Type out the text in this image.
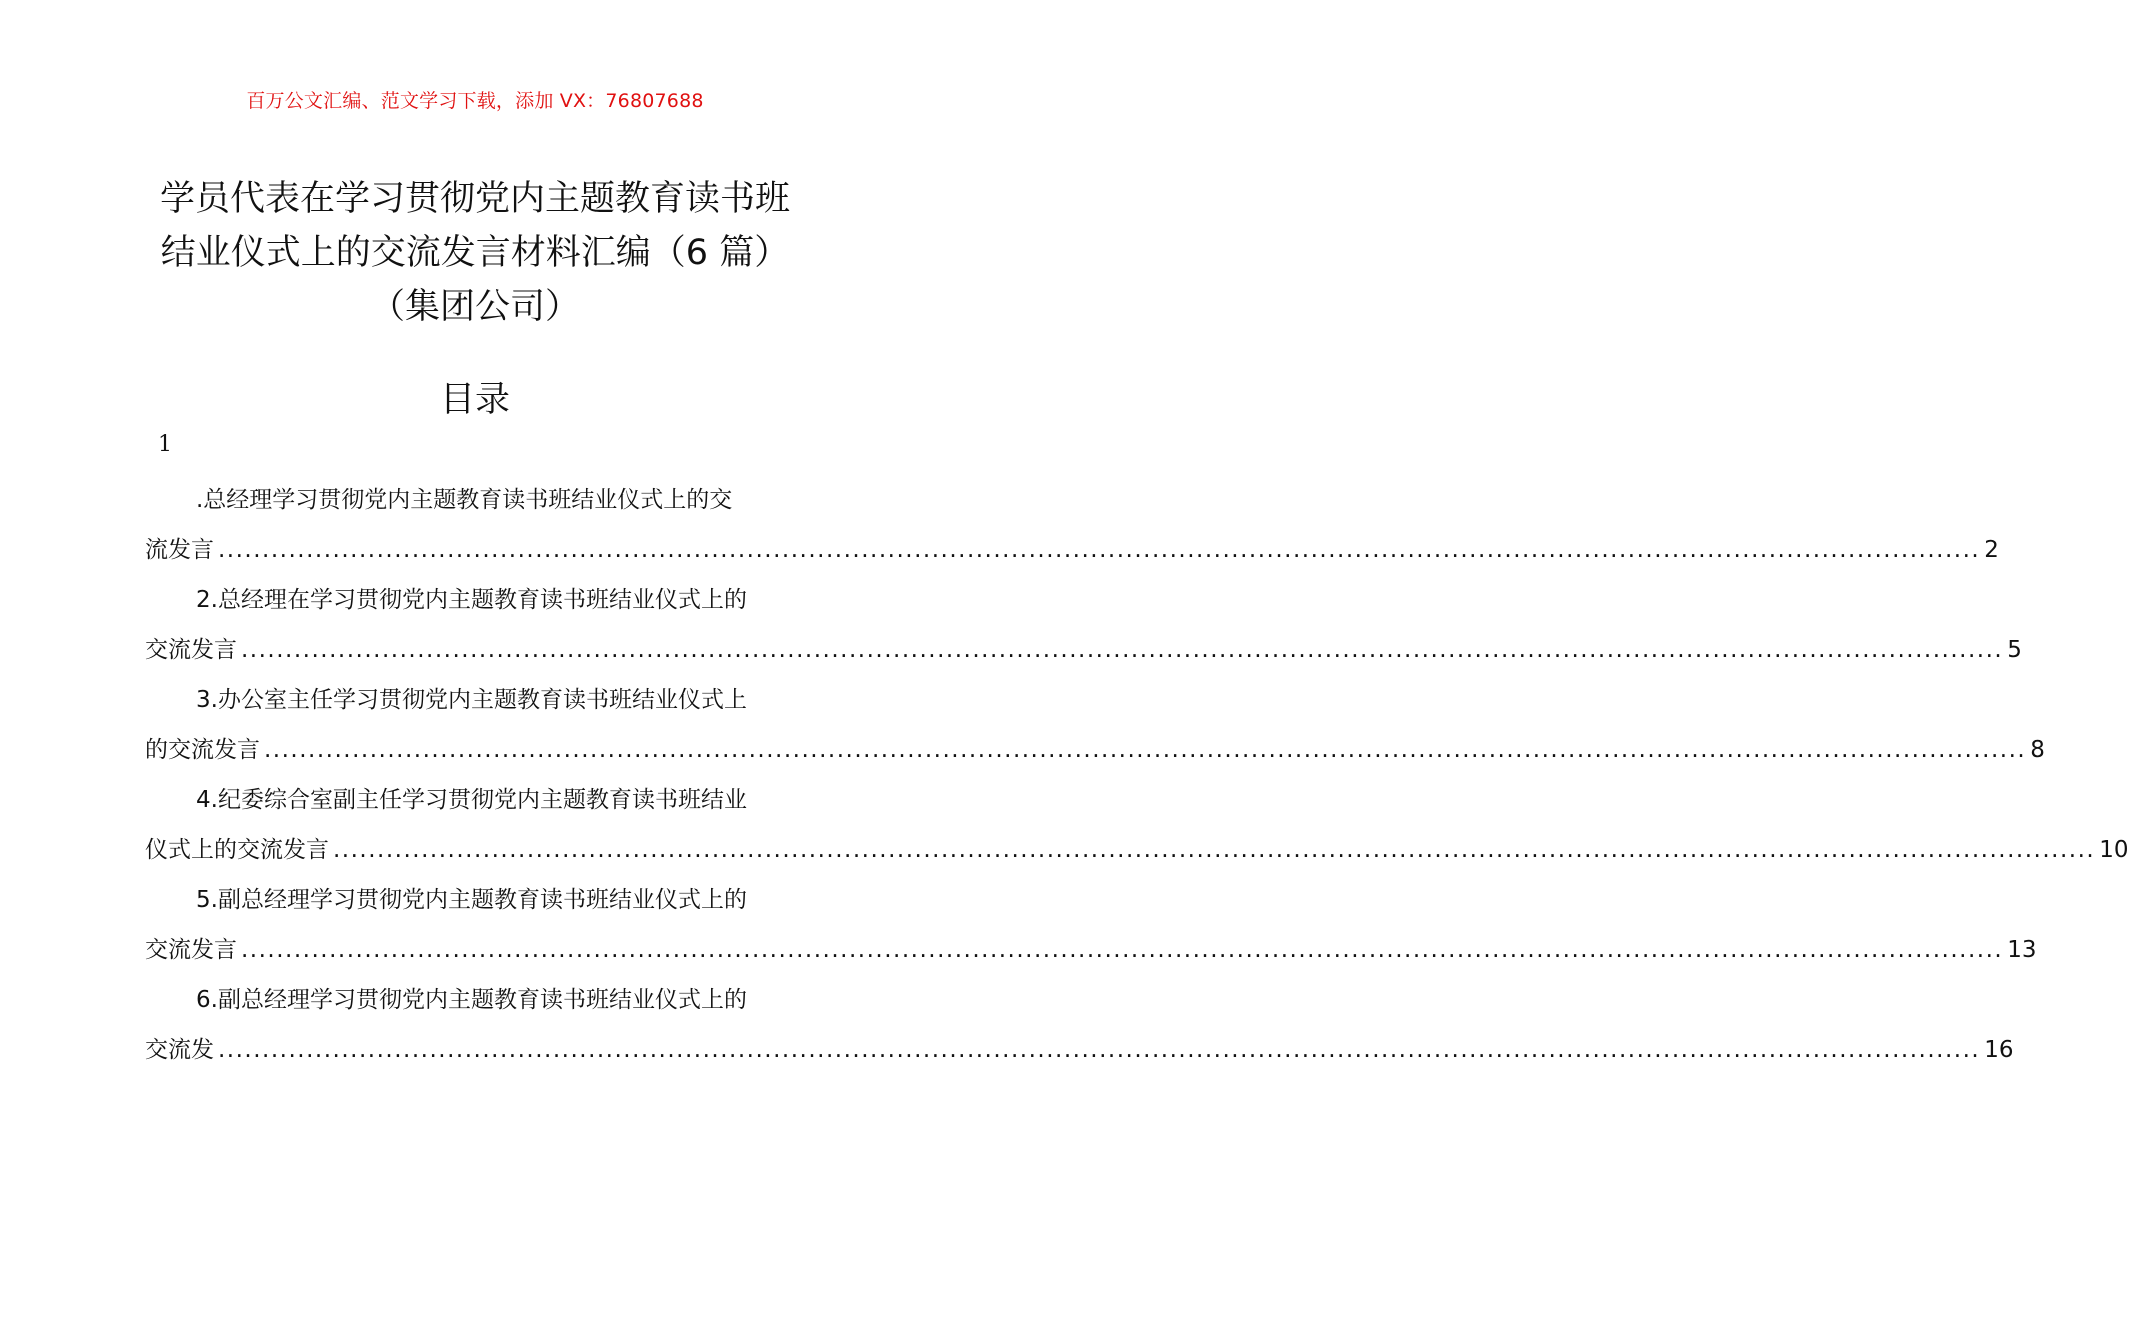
百万公文汇编、范文学习下载，添加 VX：76807688
学员代表在学习贯彻党内主题教育读书班
结业仪式上的交流发言材料汇编（6 篇）
（集团公司）
目录
1
.总经理学习贯彻党内主题教育读书班结业仪式上的交
流发言 ........................................................................................................................................................................................................ 2
2.总经理在学习贯彻党内主题教育读书班结业仪式上的
交流发言 ........................................................................................................................................................................................................ 5
3.办公室主任学习贯彻党内主题教育读书班结业仪式上
的交流发言 ........................................................................................................................................................................................................ 8
4.纪委综合室副主任学习贯彻党内主题教育读书班结业
仪式上的交流发言 ........................................................................................................................................................................................................ 10
5.副总经理学习贯彻党内主题教育读书班结业仪式上的
交流发言 ........................................................................................................................................................................................................ 13
6.副总经理学习贯彻党内主题教育读书班结业仪式上的
交流发 ........................................................................................................................................................................................................ 16
